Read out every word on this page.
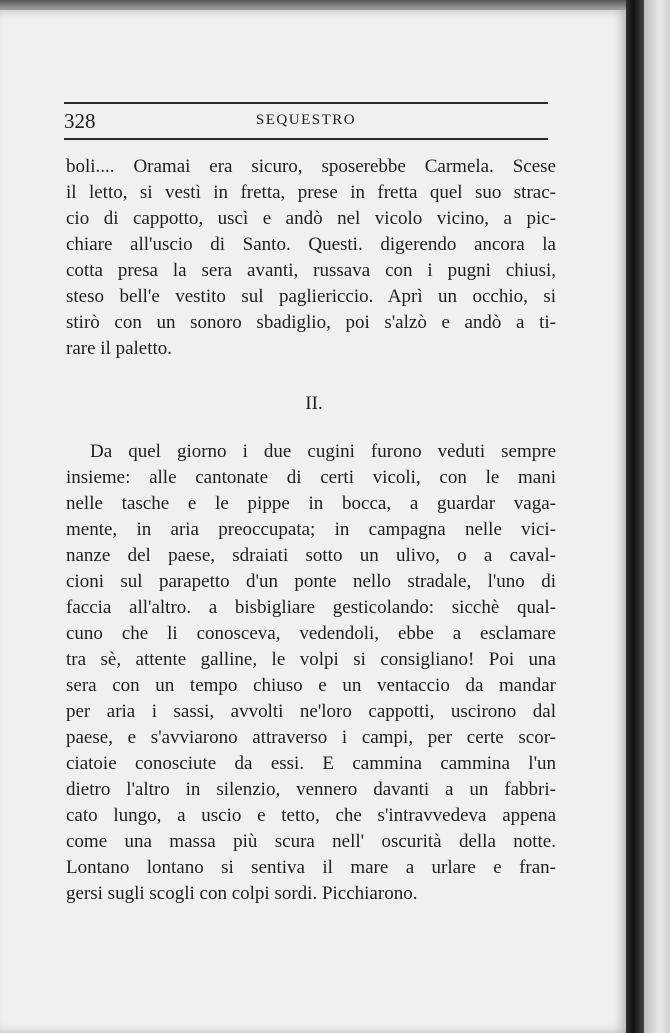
328	SEQUESTRO
boli.... Oramai era sicuro, sposerebbe Carmela. Scese
il letto, si vestì in fretta, prese in fretta quel suo strac-
cio di cappotto, uscì e andò nel vicolo vicino, a pic-
chiare all'uscio di Santo. Questi. digerendo ancora la
cotta presa la sera avanti, russava con i pugni chiusi,
steso bell'e vestito sul pagliericcio. Aprì un occhio, si
stirò con un sonoro sbadiglio, poi s'alzò e andò a ti-
rare il paletto.
II.
Da quel giorno i due cugini furono veduti sempre
insieme: alle cantonate di certi vicoli, con le mani
nelle tasche e le pippe in bocca, a guardar vaga-
mente, in aria preoccupata; in campagna nelle vici-
nanze del paese, sdraiati sotto un ulivo, o a caval-
cioni sul parapetto d'un ponte nello stradale, l'uno di
faccia all'altro. a bisbigliare gesticolando: sicchè qual-
cuno che li conosceva, vedendoli, ebbe a esclamare
tra sè, attente galline, le volpi si consigliano! Poi una
sera con un tempo chiuso e un ventaccio da mandar
per aria i sassi, avvolti ne'loro cappotti, uscirono dal
paese, e s'avviarono attraverso i campi, per certe scor-
ciatoie conosciute da essi. E cammina cammina l'un
dietro l'altro in silenzio, vennero davanti a un fabbri-
cato lungo, a uscio e tetto, che s'intravvedeva appena
come una massa più scura nell' oscurità della notte.
Lontano lontano si sentiva il mare a urlare e fran-
gersi sugli scogli con colpi sordi. Picchiarono.
